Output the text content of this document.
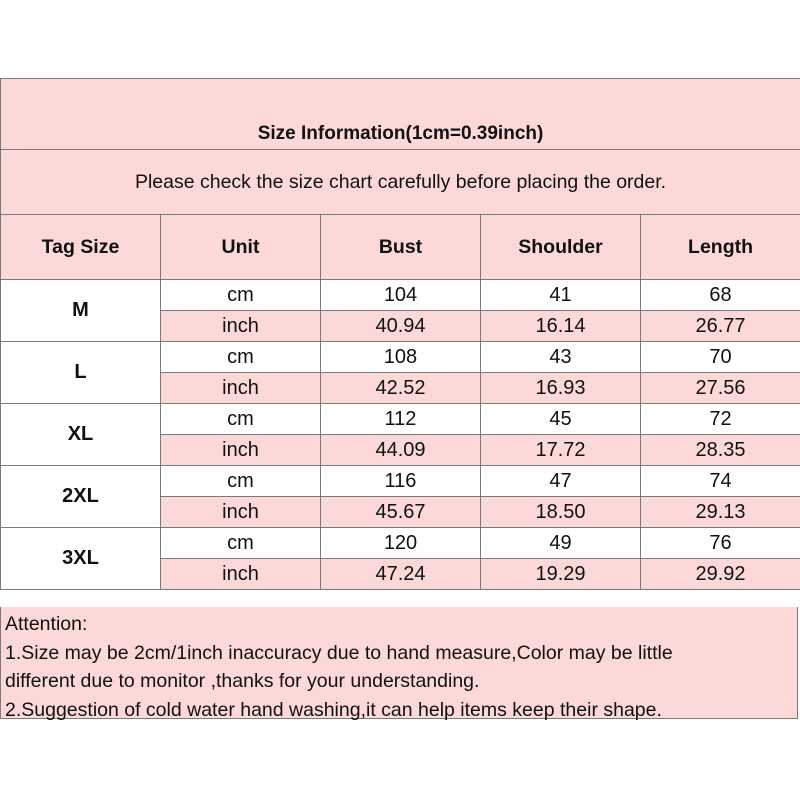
Size Information(1cm=0.39inch)				
Please check the size chart carefully before placing the order.				
Tag Size	Unit	Bust	Shoulder	Length
M	cm	104	41	68
	inch	40.94	16.14	26.77
L	cm	108	43	70
	inch	42.52	16.93	27.56
XL	cm	112	45	72
	inch	44.09	17.72	28.35
2XL	cm	116	47	74
	inch	45.67	18.50	29.13
3XL	cm	120	49	76
	inch	47.24	19.29	29.92
Attention:
1.Size may be 2cm/1inch inaccuracy due to hand measure,Color may be little
different due to monitor ,thanks for your understanding.
2.Suggestion of cold water hand washing,it can help items keep their shape.
